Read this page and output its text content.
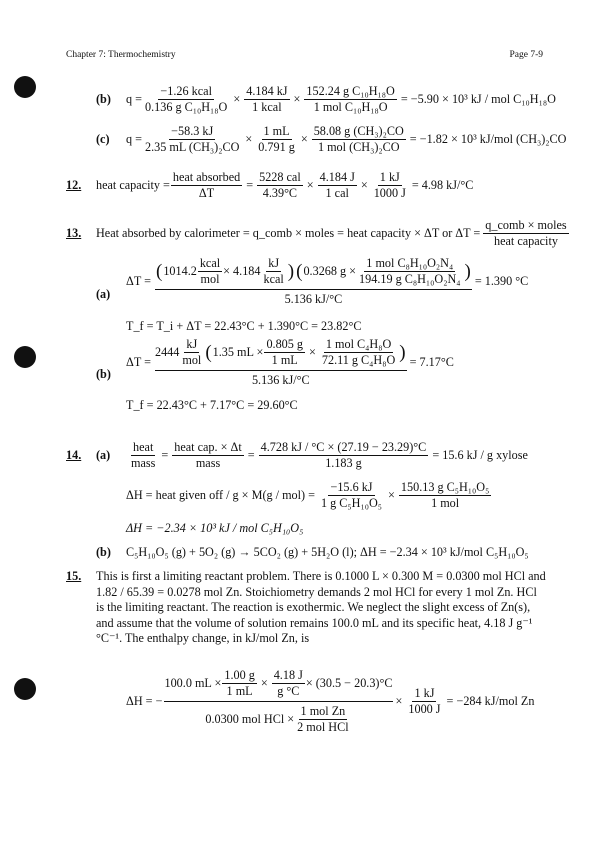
Chapter 7: Thermochemistry	Page 7-9
(b)	$q = \frac{\text{−1.26 kcal}}{\text{0.136 g C₁₀H₁₈O}} \times \frac{4.184 kJ}{\text{1 kcal}} \times \frac{\text{152.24 g C₁₀H₁₈O}}{\text{1 mol C₁₀H₁₈O}} = -5.90 \times 10^3$ kJ / mol C₁₀H₁₈O
(c)	$q = \frac{-58.3 kJ}{\text{2.35 mL (CH₃)₂CO}} \times \frac{1 mL}{0.791 g} \times \frac{\text{58.08 g (CH₃)₂CO}}{\text{1 mol (CH₃)₂CO}} = -1.82 \times 10^3$ kJ/mol (CH₃)₂CO
12.	heat capacity = $\frac{\text{heat absorbed}}{\Delta T} = \frac{\text{5228 cal}}{4.39^\circ C} \times \frac{4.184 J}{\text{1 cal}} \times \frac{1 kJ}{1000 J} = 4.98$ kJ/°C
13.	Heat absorbed by calorimeter = q_comb × moles = heat capacity × ΔT or $\Delta T = \frac{\text{q\_comb × moles}}{\text{heat capacity}}$
(a)
ΔT = ( $1014.2 \frac{\text{kcal}}{\text{mol}} \times 4.184 \frac{kJ}{\text{kcal}}$ ) ( 0.3268 $g \times \frac{\text{1 mol C₈H₁₀O₂N₄}}{\text{194.19 g C₈H₁₀O₂N₄}}$ )
5.136 kJ/°C
= 1.390 °C
T_f = T_i + ΔT = 22.43°C + 1.390°C = 23.82°C
(b)
ΔT =
$2444 \frac{kJ}{\text{mol}}$ ( 1.35 mL × $\frac{0.805 g}{1 mL} \times \frac{\text{1 mol C₄H₈O}}{\text{72.11 g C₄H₈O}}$ )
5.136 kJ/°C
= 7.17°C
T_f = 22.43°C + 7.17°C = 29.60°C
14.	(a)	$\frac{\text{heat}}{\text{mass}} = \frac{\text{heat cap. × Δt}}{\text{mass}} = \frac{4.728 kJ / ^\circ C \times (27.19 - 23.29)^\circ C}{1.183 g} = 15.6$ kJ / g xylose
ΔH = heat given off / $g \times M(g / mol) = \frac{-15.6 kJ}{\text{1 g C₅H₁₀O₅}} \times \frac{\text{150.13 g C₅H₁₀O₅}}{\text{1 mol}}$
ΔH = −2.34 × 10³ kJ / mol C₅H₁₀O₅
(b)	C₅H₁₀O₅ (g) + 5O₂ (g) → 5CO₂ (g) + 5H₂O (l); ΔH = −2.34 × 10³ kJ/mol C₅H₁₀O₅
15. This is first a limiting reactant problem. There is 0.1000 L × 0.300 M = 0.0300 mol HCl and 1.82 / 65.39 = 0.0278 mol Zn. Stoichiometry demands 2 mol HCl for every 1 mol Zn. HCl is the limiting reactant. The reaction is exothermic. We neglect the slight excess of Zn(s), and assume that the volume of solution remains 100.0 mL and its specific heat, 4.18 J g⁻¹ °C⁻¹. The enthalpy change, in kJ/mol Zn, is
ΔH = −
100.0 mL × $\frac{1.00 g}{1 mL} \times \frac{4.18 J}{g ^\circ C} \times (30.5 - 20.3)^\circ C$
0.0300 mol HCl × $\frac{\text{1 mol Zn}}{\text{2 mol HCl}}$
× $\frac{1 kJ}{1000 J} = -284$ kJ/mol Zn
